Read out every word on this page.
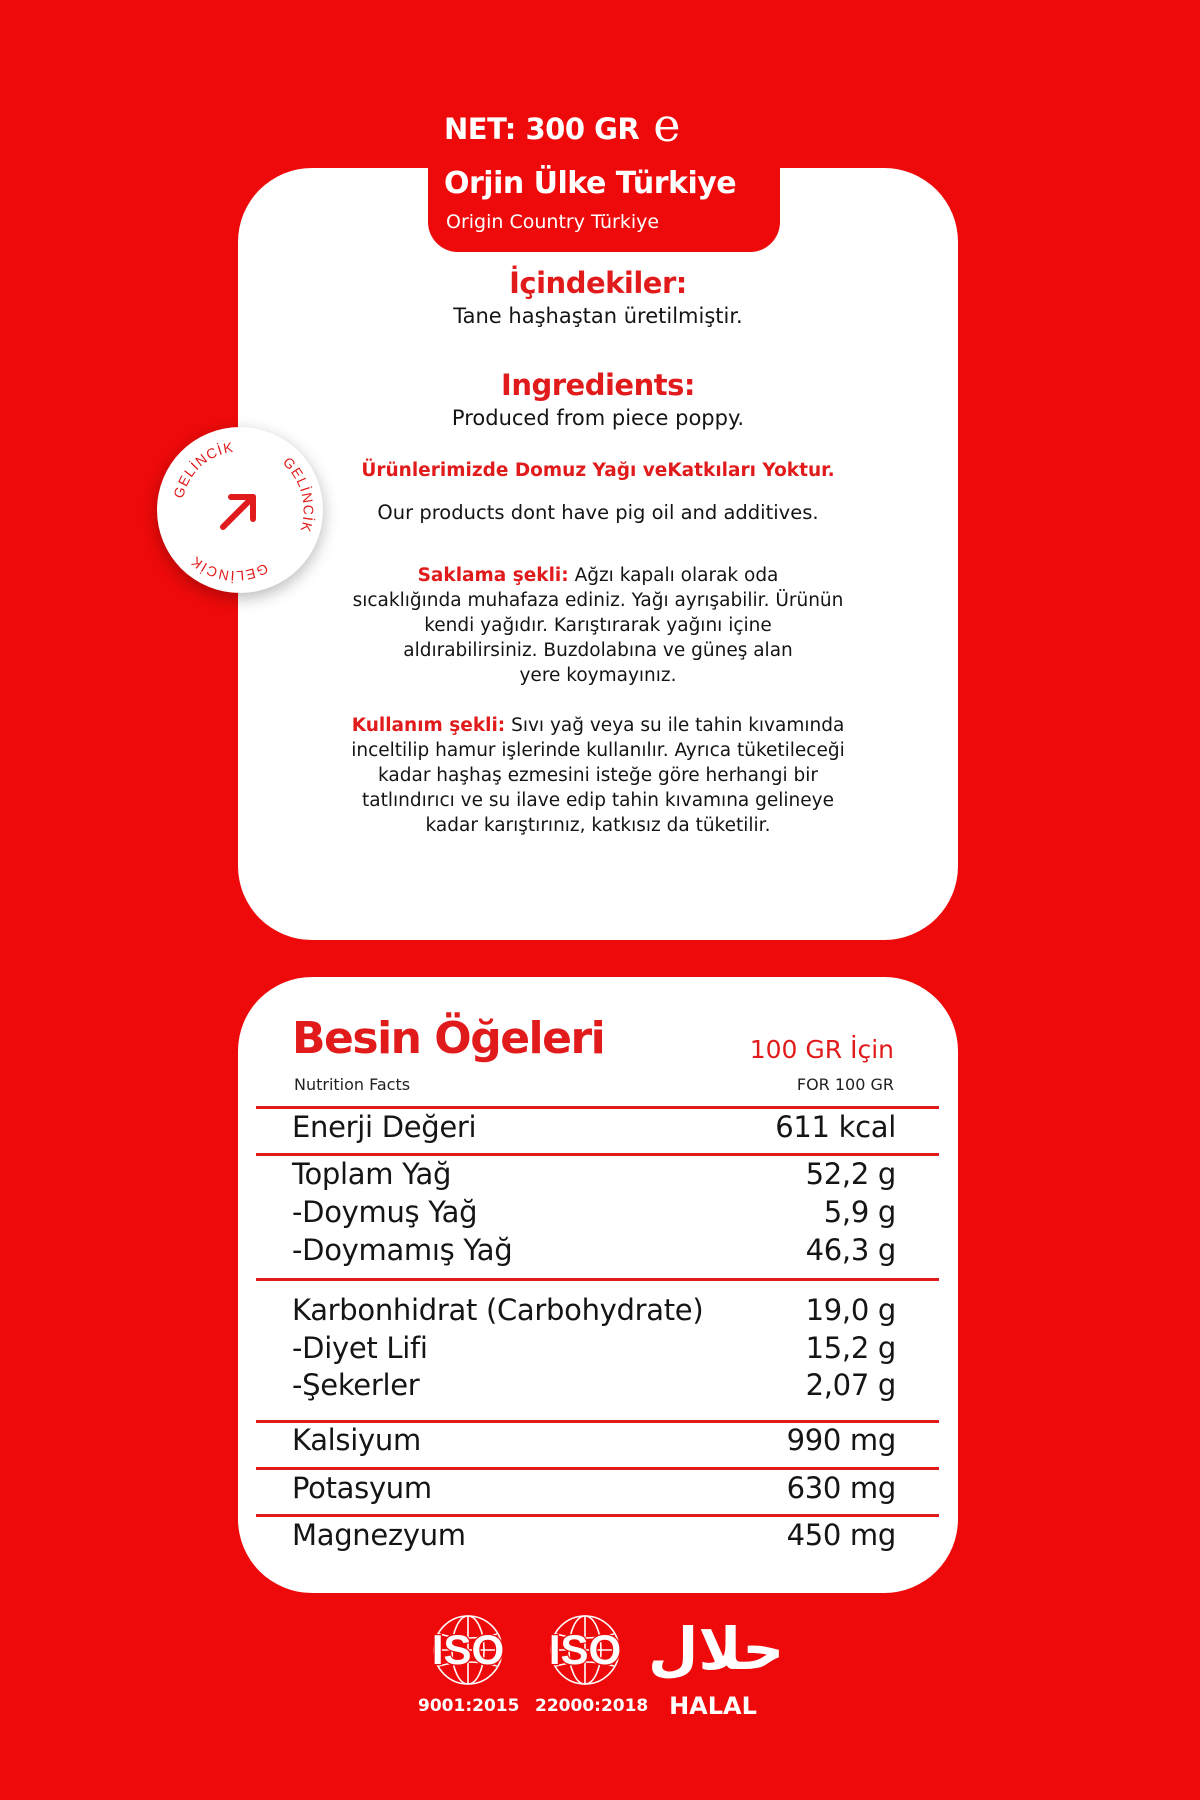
NET: 300 GR e
Orjin Ülke Türkiye
Origin Country Türkiye
İçindekiler:
Tane haşhaştan üretilmiştir.
Ingredients:
Produced from piece poppy.
Ürünlerimizde Domuz Yağı veKatkıları Yoktur.
Our products dont have pig oil and additives.
Saklama şekli: Ağzı kapalı olarak oda
sıcaklığında muhafaza ediniz. Yağı ayrışabilir. Ürünün
kendi yağıdır. Karıştırarak yağını içine
aldırabilirsiniz. Buzdolabına ve güneş alan
yere koymayınız.
Kullanım şekli: Sıvı yağ veya su ile tahin kıvamında
inceltilip hamur işlerinde kullanılır. Ayrıca tüketileceği
kadar haşhaş ezmesini isteğe göre herhangi bir
tatlındırıcı ve su ilave edip tahin kıvamına gelineye
kadar karıştırınız, katkısız da tüketilir.
GELİNCİK
GELİNCİK
GELİNCİK
Besin Öğeleri
Nutrition Facts
100 GR İçin
FOR 100 GR
Enerji Değeri	611 kcal
Toplam Yağ	52,2 g
-Doymuş Yağ	5,9 g
-Doymamış Yağ	46,3 g
Karbonhidrat (Carbohydrate)	19,0 g
-Diyet Lifi	15,2 g
-Şekerler	2,07 g
Kalsiyum	990 mg
Potasyum	630 mg
Magnezyum	450 mg
ISO
9001:2015
ISO
22000:2018
حلال
HALAL
